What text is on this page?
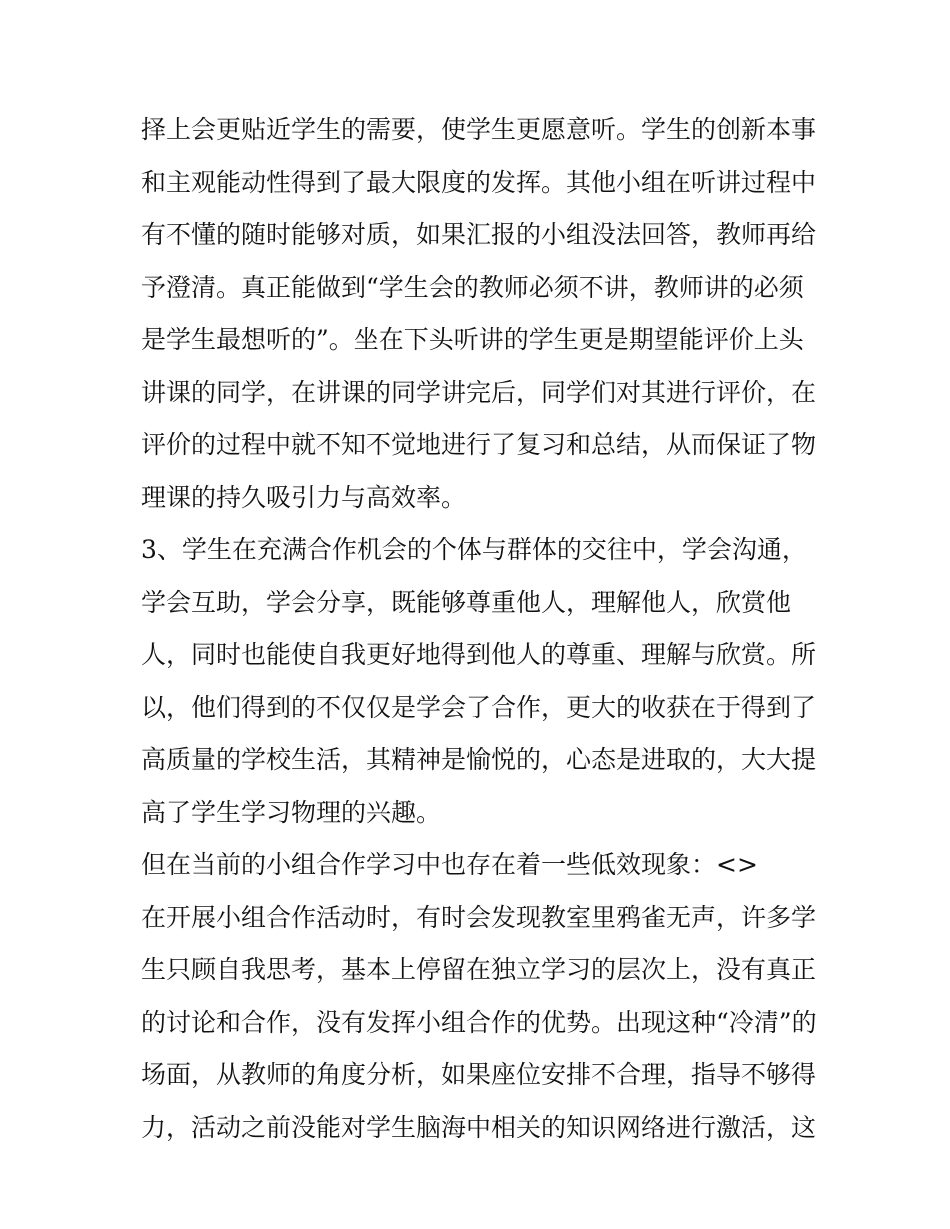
择上会更贴近学生的需要，使学生更愿意听。学生的创新本事
和主观能动性得到了最大限度的发挥。其他小组在听讲过程中
有不懂的随时能够对质，如果汇报的小组没法回答，教师再给
予澄清。真正能做到“学生会的教师必须不讲，教师讲的必须
是学生最想听的”。坐在下头听讲的学生更是期望能评价上头
讲课的同学，在讲课的同学讲完后，同学们对其进行评价，在
评价的过程中就不知不觉地进行了复习和总结，从而保证了物
理课的持久吸引力与高效率。
3、学生在充满合作机会的个体与群体的交往中，学会沟通，
学会互助，学会分享，既能够尊重他人，理解他人，欣赏他
人，同时也能使自我更好地得到他人的尊重、理解与欣赏。所
以，他们得到的不仅仅是学会了合作，更大的收获在于得到了
高质量的学校生活，其精神是愉悦的，心态是进取的，大大提
高了学生学习物理的兴趣。
但在当前的小组合作学习中也存在着一些低效现象：<>
在开展小组合作活动时，有时会发现教室里鸦雀无声，许多学
生只顾自我思考，基本上停留在独立学习的层次上，没有真正
的讨论和合作，没有发挥小组合作的优势。出现这种“冷清”的
场面，从教师的角度分析，如果座位安排不合理，指导不够得
力，活动之前没能对学生脑海中相关的知识网络进行激活，这
